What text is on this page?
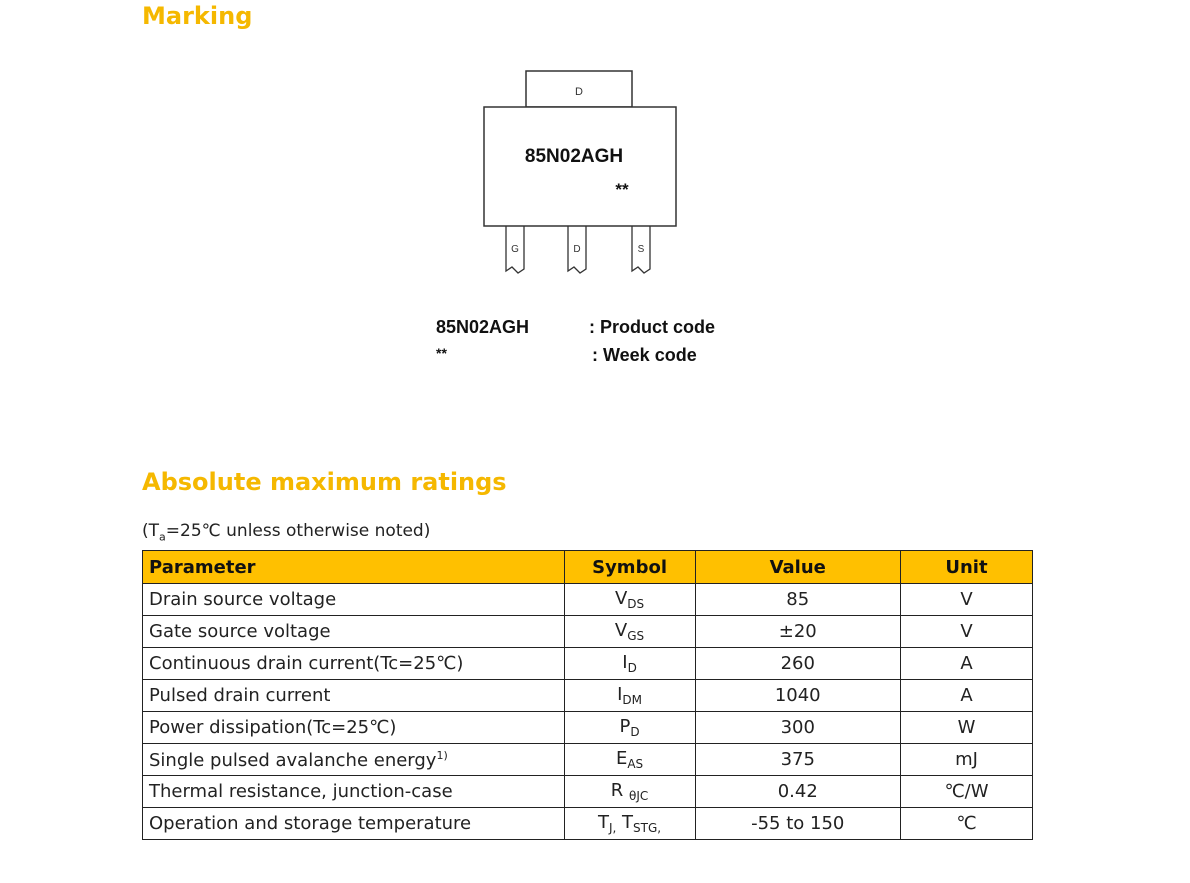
Marking
D
85N02AGH
**
G	D	S
85N02AGH	: Product code
**	: Week code
Absolute maximum ratings
($T_a=25℃$ unless otherwise noted)
Parameter	Symbol	Value	Unit
Drain source voltage	$V_{DS}$	85	V
Gate source voltage	$V_{GS}$	±20	V
Continuous drain current(Tc=25℃)	$I_D$	260	A
Pulsed drain current	$I_{DM}$	1040	A
Power dissipation(Tc=25℃)	$P_D$	300	W
Single pulsed avalanche energy$^{1)}$	$E_{AS}$	375	mJ
Thermal resistance, junction-case	R $_{\theta JC}$	0.42	℃/W
Operation and storage temperature	$T_{J,}$ $T_{STG,}$	-55 to 150	℃
